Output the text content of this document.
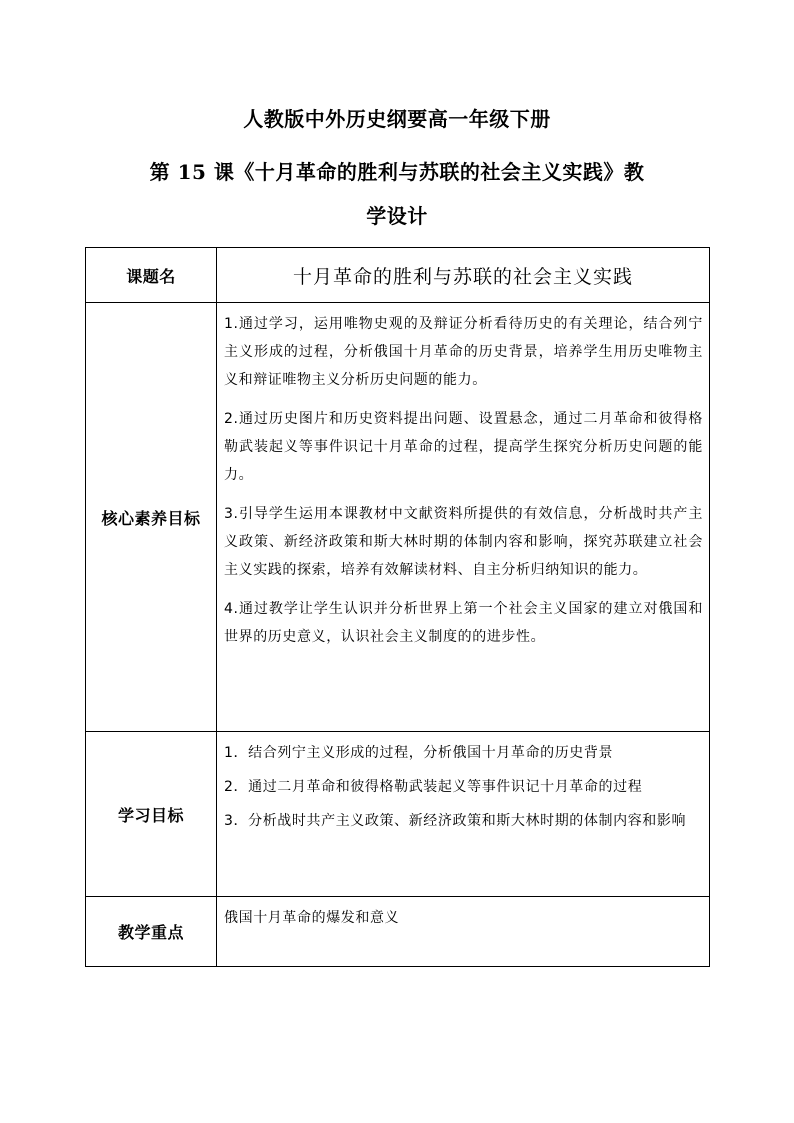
人教版中外历史纲要高一年级下册
第 15 课《十月革命的胜利与苏联的社会主义实践》教
学设计
课题名	十月革命的胜利与苏联的社会主义实践
核心素养目标	1.通过学习，运用唯物史观的及辩证分析看待历史的有关理论，结合列宁主义形成的过程，分析俄国十月革命的历史背景，培养学生用历史唯物主义和辩证唯物主义分析历史问题的能力。

2.通过历史图片和历史资料提出问题、设置悬念，通过二月革命和彼得格勒武装起义等事件识记十月革命的过程，提高学生探究分析历史问题的能力。

3.引导学生运用本课教材中文献资料所提供的有效信息，分析战时共产主义政策、新经济政策和斯大林时期的体制内容和影响，探究苏联建立社会主义实践的探索，培养有效解读材料、自主分析归纳知识的能力。

4.通过教学让学生认识并分析世界上第一个社会主义国家的建立对俄国和世界的历史意义，认识社会主义制度的的进步性。

学习目标	1．结合列宁主义形成的过程，分析俄国十月革命的历史背景

2．通过二月革命和彼得格勒武装起义等事件识记十月革命的过程

3．分析战时共产主义政策、新经济政策和斯大林时期的体制内容和影响

教学重点	俄国十月革命的爆发和意义
